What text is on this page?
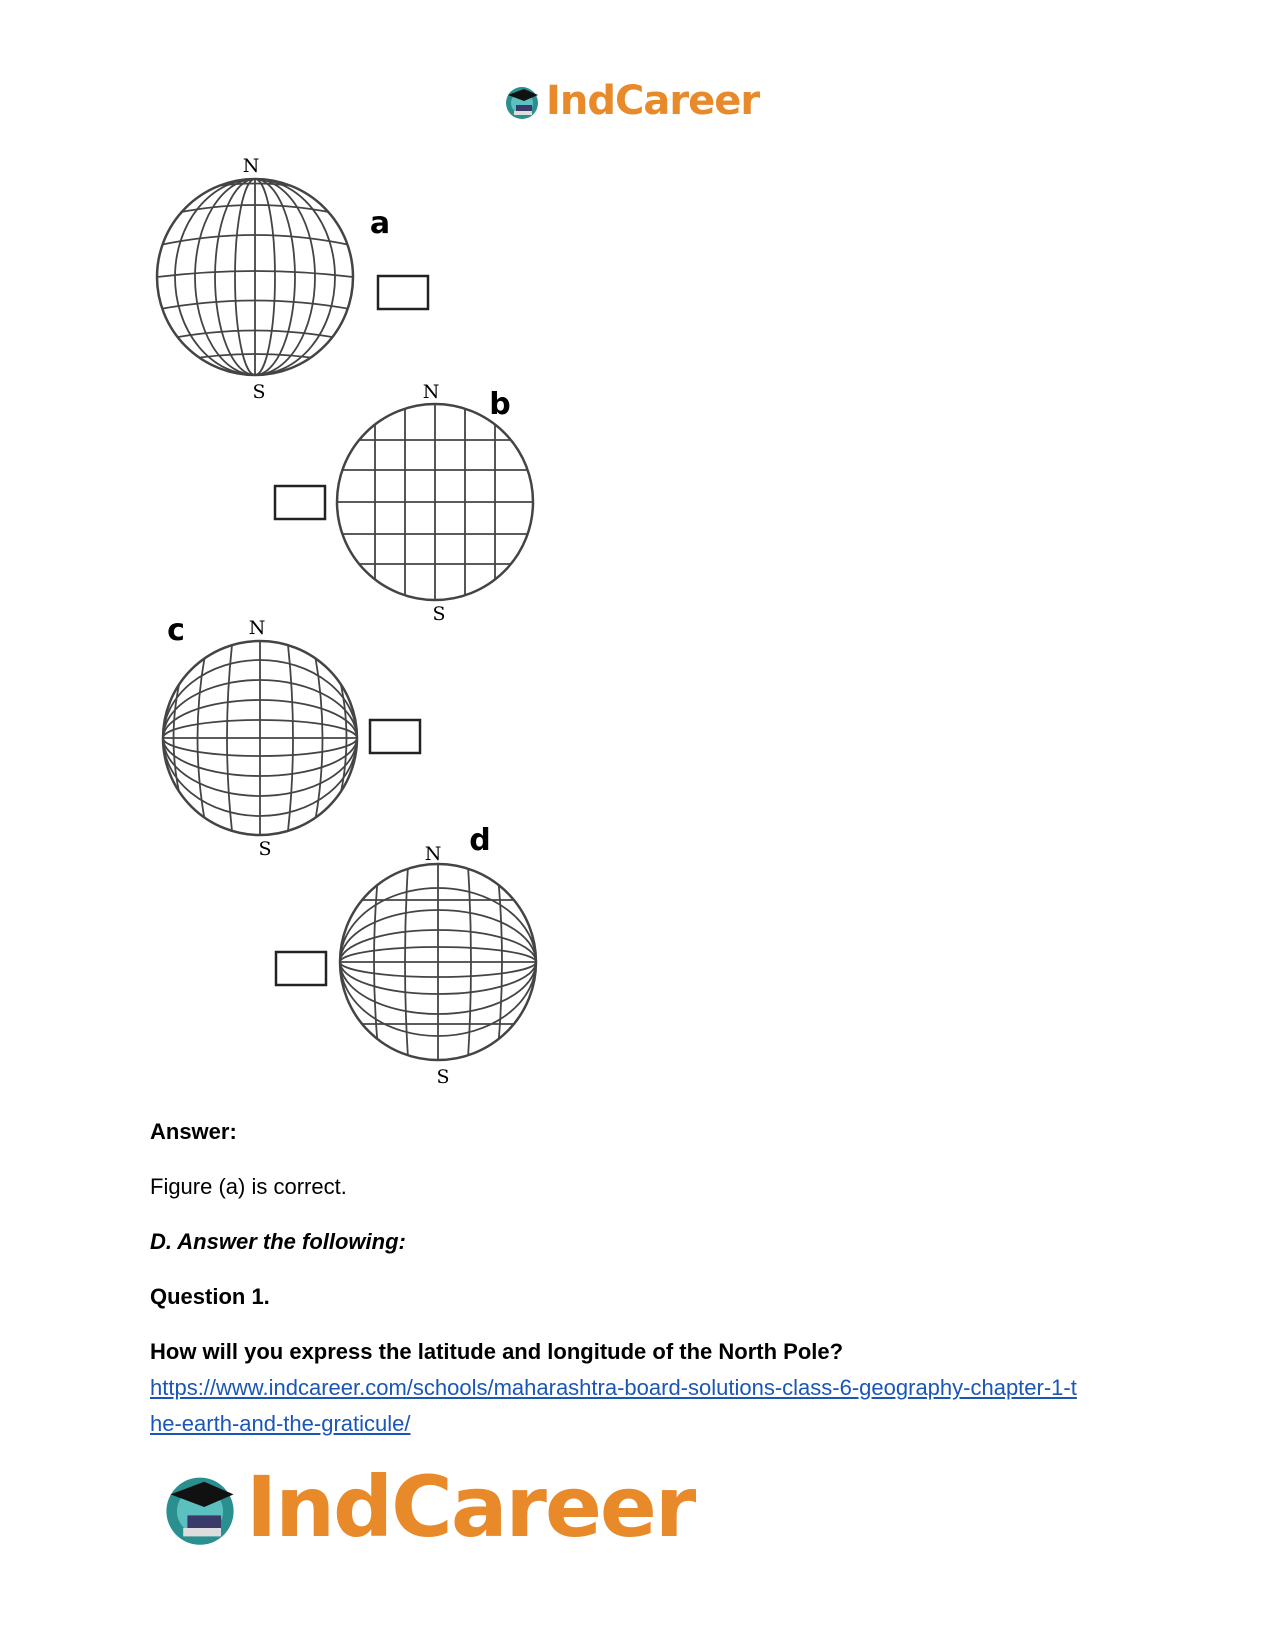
IndCareer
N
S
a
N
S
b
N
S
c
N
S
d

Answer:

Figure (a) is correct.

D. Answer the following:

Question 1.

How will you express the latitude and longitude of the North Pole?

https://www.indcareer.com/schools/maharashtra-board-solutions-class-6-geography-chapter-1-t
he-earth-and-the-graticule/
IndCareer
